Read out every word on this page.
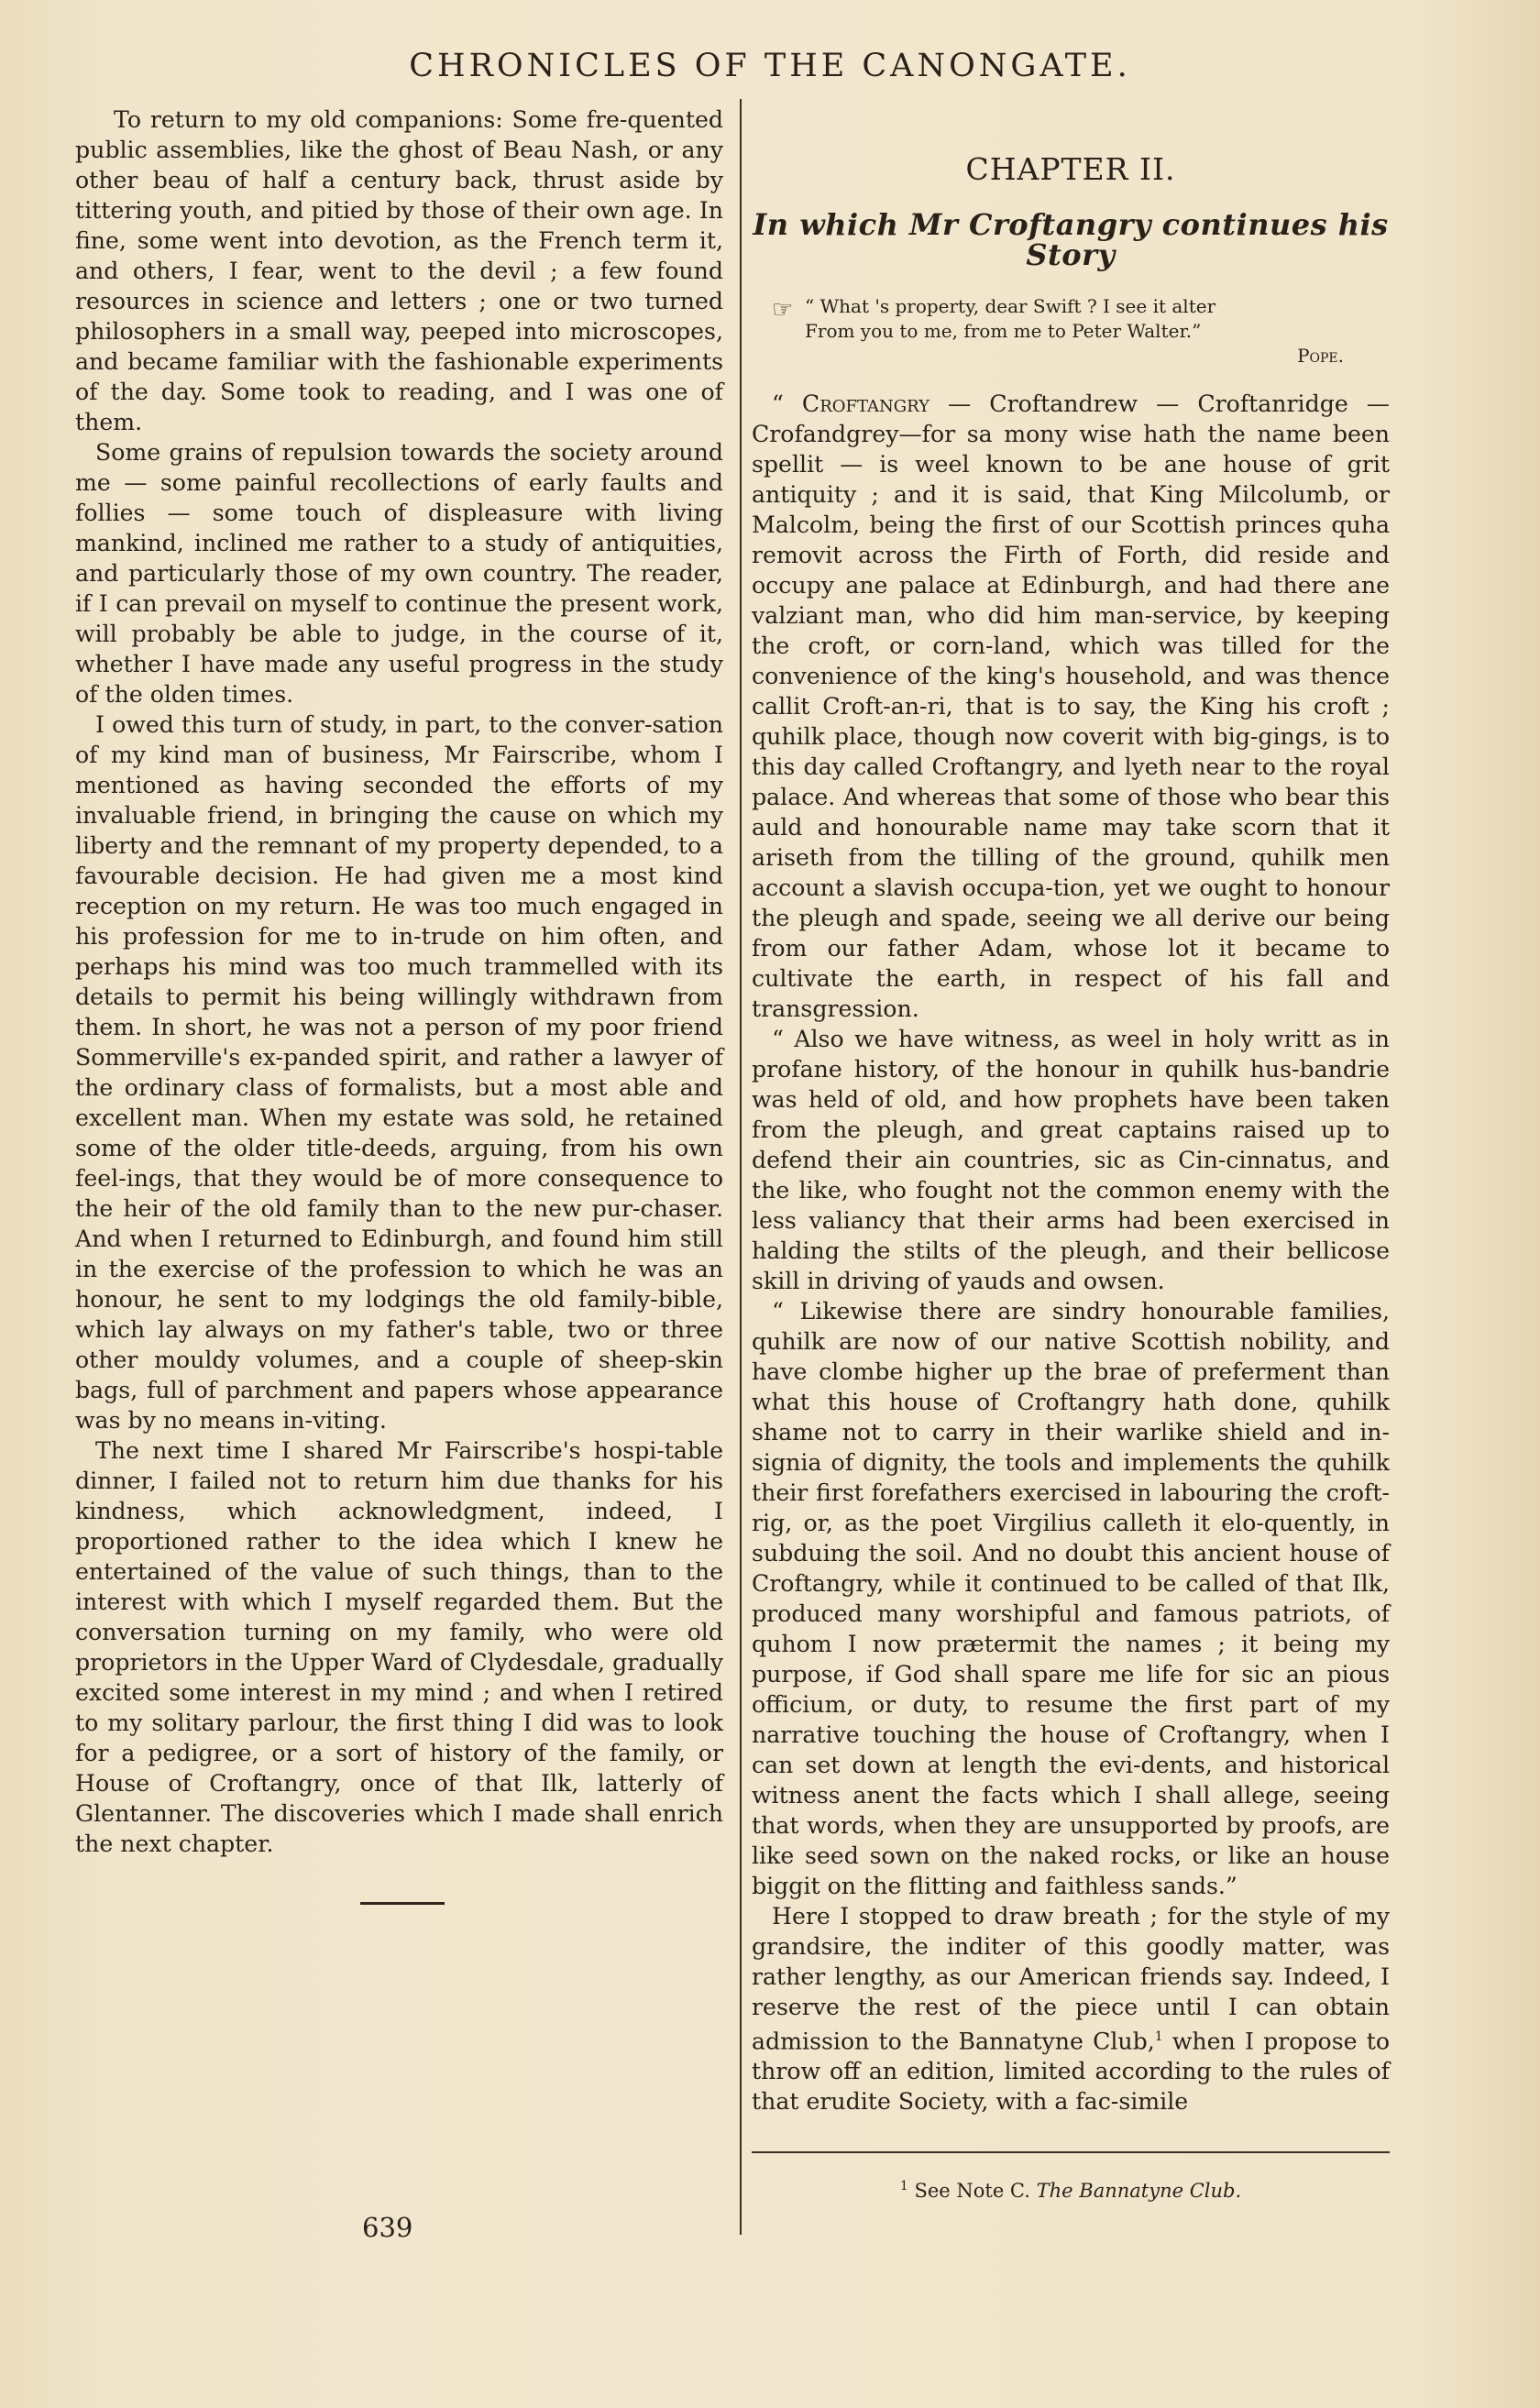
CHRONICLES OF THE CANONGATE.

To return to my old companions: Some fre-quented public assemblies, like the ghost of Beau Nash, or any other beau of half a century back, thrust aside by tittering youth, and pitied by those of their own age. In fine, some went into devotion, as the French term it, and others, I fear, went to the devil ; a few found resources in science and letters ; one or two turned philosophers in a small way, peeped into microscopes, and became familiar with the fashionable experiments of the day. Some took to reading, and I was one of them.

Some grains of repulsion towards the society around me — some painful recollections of early faults and follies — some touch of displeasure with living mankind, inclined me rather to a study of antiquities, and particularly those of my own country. The reader, if I can prevail on myself to continue the present work, will probably be able to judge, in the course of it, whether I have made any useful progress in the study of the olden times.

I owed this turn of study, in part, to the conver-sation of my kind man of business, Mr Fairscribe, whom I mentioned as having seconded the efforts of my invaluable friend, in bringing the cause on which my liberty and the remnant of my property depended, to a favourable decision. He had given me a most kind reception on my return. He was too much engaged in his profession for me to in-trude on him often, and perhaps his mind was too much trammelled with its details to permit his being willingly withdrawn from them. In short, he was not a person of my poor friend Sommerville's ex-panded spirit, and rather a lawyer of the ordinary class of formalists, but a most able and excellent man. When my estate was sold, he retained some of the older title-deeds, arguing, from his own feel-ings, that they would be of more consequence to the heir of the old family than to the new pur-chaser. And when I returned to Edinburgh, and found him still in the exercise of the profession to which he was an honour, he sent to my lodgings the old family-bible, which lay always on my father's table, two or three other mouldy volumes, and a couple of sheep-skin bags, full of parchment and papers whose appearance was by no means in-viting.

The next time I shared Mr Fairscribe's hospi-table dinner, I failed not to return him due thanks for his kindness, which acknowledgment, indeed, I proportioned rather to the idea which I knew he entertained of the value of such things, than to the interest with which I myself regarded them. But the conversation turning on my family, who were old proprietors in the Upper Ward of Clydesdale, gradually excited some interest in my mind ; and when I retired to my solitary parlour, the first thing I did was to look for a pedigree, or a sort of history of the family, or House of Croftangry, once of that Ilk, latterly of Glentanner. The discoveries which I made shall enrich the next chapter.

CHAPTER II.
In which Mr Croftangry continues his Story
☞ “ What 's property, dear Swift ? I see it alter
From you to me, from me to Peter Walter.”
Pope.

“ Croftangry — Croftandrew — Croftanridge — Crofandgrey—for sa mony wise hath the name been spellit — is weel known to be ane house of grit antiquity ; and it is said, that King Milcolumb, or Malcolm, being the first of our Scottish princes quha removit across the Firth of Forth, did reside and occupy ane palace at Edinburgh, and had there ane valziant man, who did him man-service, by keeping the croft, or corn-land, which was tilled for the convenience of the king's household, and was thence callit Croft-an-ri, that is to say, the King his croft ; quhilk place, though now coverit with big-gings, is to this day called Croftangry, and lyeth near to the royal palace. And whereas that some of those who bear this auld and honourable name may take scorn that it ariseth from the tilling of the ground, quhilk men account a slavish occupa-tion, yet we ought to honour the pleugh and spade, seeing we all derive our being from our father Adam, whose lot it became to cultivate the earth, in respect of his fall and transgression.

“ Also we have witness, as weel in holy writt as in profane history, of the honour in quhilk hus-bandrie was held of old, and how prophets have been taken from the pleugh, and great captains raised up to defend their ain countries, sic as Cin-cinnatus, and the like, who fought not the common enemy with the less valiancy that their arms had been exercised in halding the stilts of the pleugh, and their bellicose skill in driving of yauds and owsen.

“ Likewise there are sindry honourable families, quhilk are now of our native Scottish nobility, and have clombe higher up the brae of preferment than what this house of Croftangry hath done, quhilk shame not to carry in their warlike shield and in-signia of dignity, the tools and implements the quhilk their first forefathers exercised in labouring the croft-rig, or, as the poet Virgilius calleth it elo-quently, in subduing the soil. And no doubt this ancient house of Croftangry, while it continued to be called of that Ilk, produced many worshipful and famous patriots, of quhom I now prætermit the names ; it being my purpose, if God shall spare me life for sic an pious officium, or duty, to resume the first part of my narrative touching the house of Croftangry, when I can set down at length the evi-dents, and historical witness anent the facts which I shall allege, seeing that words, when they are unsupported by proofs, are like seed sown on the naked rocks, or like an house biggit on the flitting and faithless sands.”

Here I stopped to draw breath ; for the style of my grandsire, the inditer of this goodly matter, was rather lengthy, as our American friends say. Indeed, I reserve the rest of the piece until I can obtain admission to the Bannatyne Club,$^1$ when I propose to throw off an edition, limited according to the rules of that erudite Society, with a fac-simile

$^1$ See Note C. The Bannatyne Club.
639
